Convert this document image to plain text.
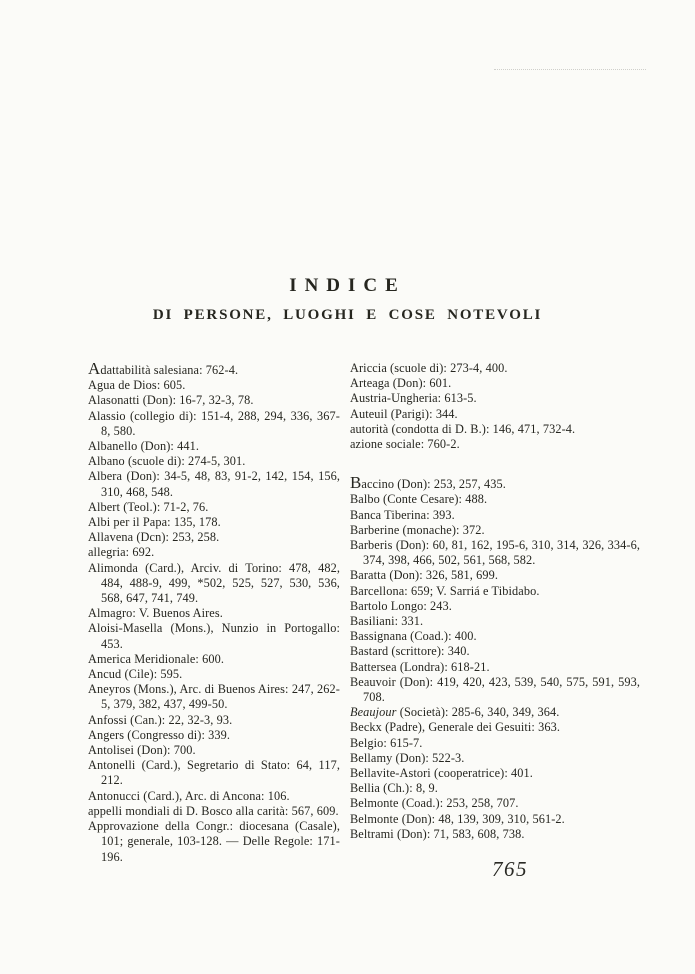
INDICE
DI PERSONE, LUOGHI E COSE NOTEVOLI
Adattabilità salesiana: 762-4.
Agua de Dios: 605.
Alasonatti (Don): 16-7, 32-3, 78.
Alassio (collegio di): 151-4, 288, 294, 336, 367-8, 580.
Albanello (Don): 441.
Albano (scuole di): 274-5, 301.
Albera (Don): 34-5, 48, 83, 91-2, 142, 154, 156, 310, 468, 548.
Albert (Teol.): 71-2, 76.
Albi per il Papa: 135, 178.
Allavena (Dcn): 253, 258.
allegria: 692.
Alimonda (Card.), Arciv. di Torino: 478, 482, 484, 488-9, 499, *502, 525, 527, 530, 536, 568, 647, 741, 749.
Almagro: V. Buenos Aires.
Aloisi-Masella (Mons.), Nunzio in Portogallo: 453.
America Meridionale: 600.
Ancud (Cile): 595.
Aneyros (Mons.), Arc. di Buenos Aires: 247, 262-5, 379, 382, 437, 499-50.
Anfossi (Can.): 22, 32-3, 93.
Angers (Congresso di): 339.
Antolisei (Don): 700.
Antonelli (Card.), Segretario di Stato: 64, 117, 212.
Antonucci (Card.), Arc. di Ancona: 106.
appelli mondiali di D. Bosco alla carità: 567, 609.
Approvazione della Congr.: diocesana (Casale), 101; generale, 103-128. — Delle Regole: 171-196.
Ariccia (scuole di): 273-4, 400.
Arteaga (Don): 601.
Austria-Ungheria: 613-5.
Auteuil (Parigi): 344.
autorità (condotta di D. B.): 146, 471, 732-4.
azione sociale: 760-2.
Baccino (Don): 253, 257, 435.
Balbo (Conte Cesare): 488.
Banca Tiberina: 393.
Barberine (monache): 372.
Barberis (Don): 60, 81, 162, 195-6, 310, 314, 326, 334-6, 374, 398, 466, 502, 561, 568, 582.
Baratta (Don): 326, 581, 699.
Barcellona: 659; V. Sarriá e Tibidabo.
Bartolo Longo: 243.
Basiliani: 331.
Bassignana (Coad.): 400.
Bastard (scrittore): 340.
Battersea (Londra): 618-21.
Beauvoir (Don): 419, 420, 423, 539, 540, 575, 591, 593, 708.
Beaujour (Società): 285-6, 340, 349, 364.
Beckx (Padre), Generale dei Gesuiti: 363.
Belgio: 615-7.
Bellamy (Don): 522-3.
Bellavite-Astori (cooperatrice): 401.
Bellia (Ch.): 8, 9.
Belmonte (Coad.): 253, 258, 707.
Belmonte (Don): 48, 139, 309, 310, 561-2.
Beltrami (Don): 71, 583, 608, 738.
765
